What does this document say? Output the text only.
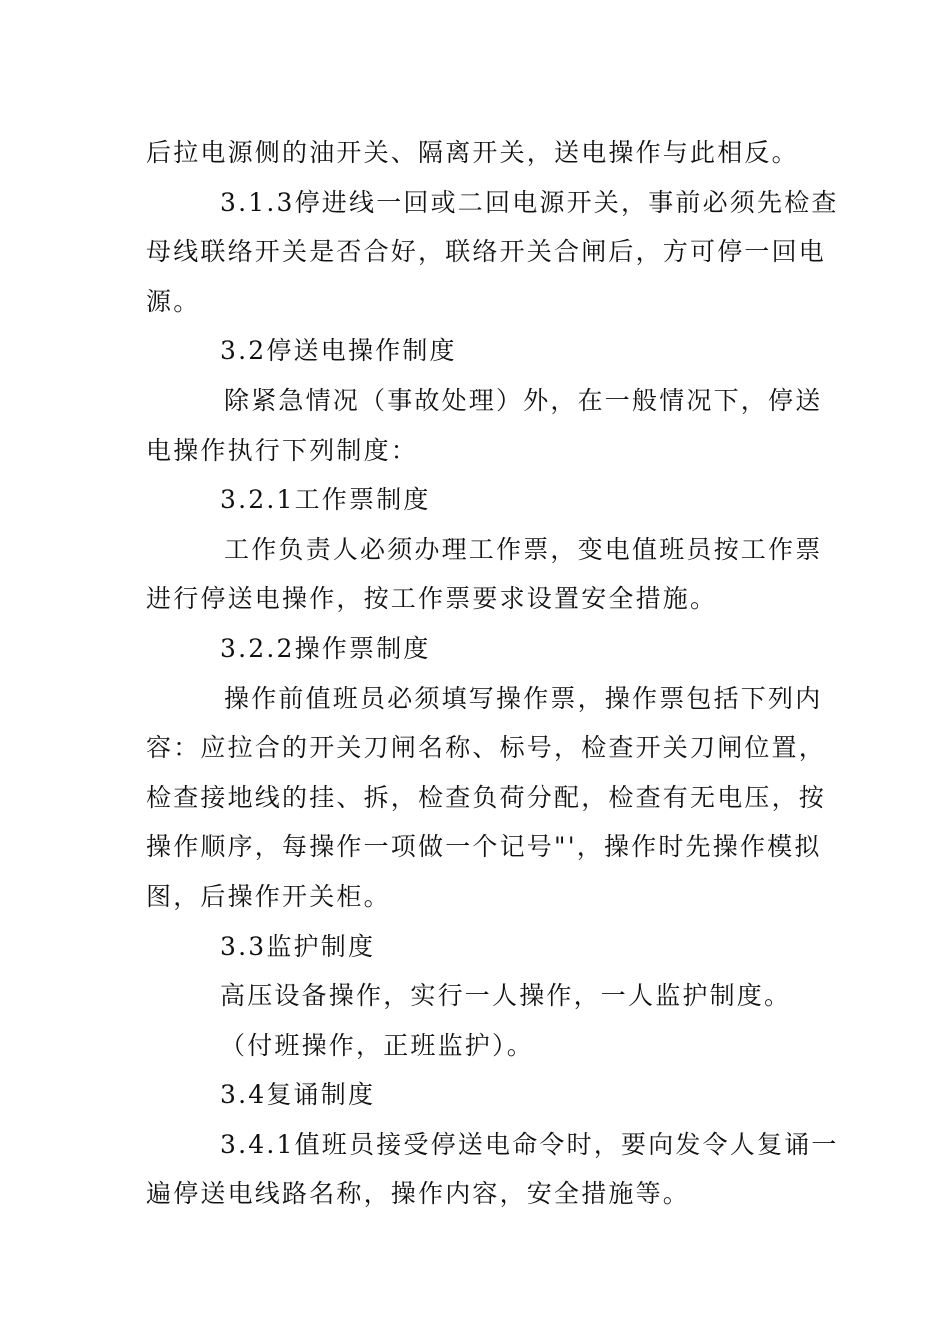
后拉电源侧的油开关、隔离开关，送电操作与此相反。
3.1.3停进线一回或二回电源开关，事前必须先检查
母线联络开关是否合好，联络开关合闸后，方可停一回电
源。
3.2停送电操作制度
除紧急情况（事故处理）外，在一般情况下，停送
电操作执行下列制度：
3.2.1工作票制度
工作负责人必须办理工作票，变电值班员按工作票
进行停送电操作，按工作票要求设置安全措施。
3.2.2操作票制度
操作前值班员必须填写操作票，操作票包括下列内
容：应拉合的开关刀闸名称、标号，检查开关刀闸位置，
检查接地线的挂、拆，检查负荷分配，检查有无电压，按
操作顺序，每操作一项做一个记号"'，操作时先操作模拟
图，后操作开关柜。
3.3监护制度
高压设备操作，实行一人操作，一人监护制度。
（付班操作，正班监护）。
3.4复诵制度
3.4.1值班员接受停送电命令时，要向发令人复诵一
遍停送电线路名称，操作内容，安全措施等。
